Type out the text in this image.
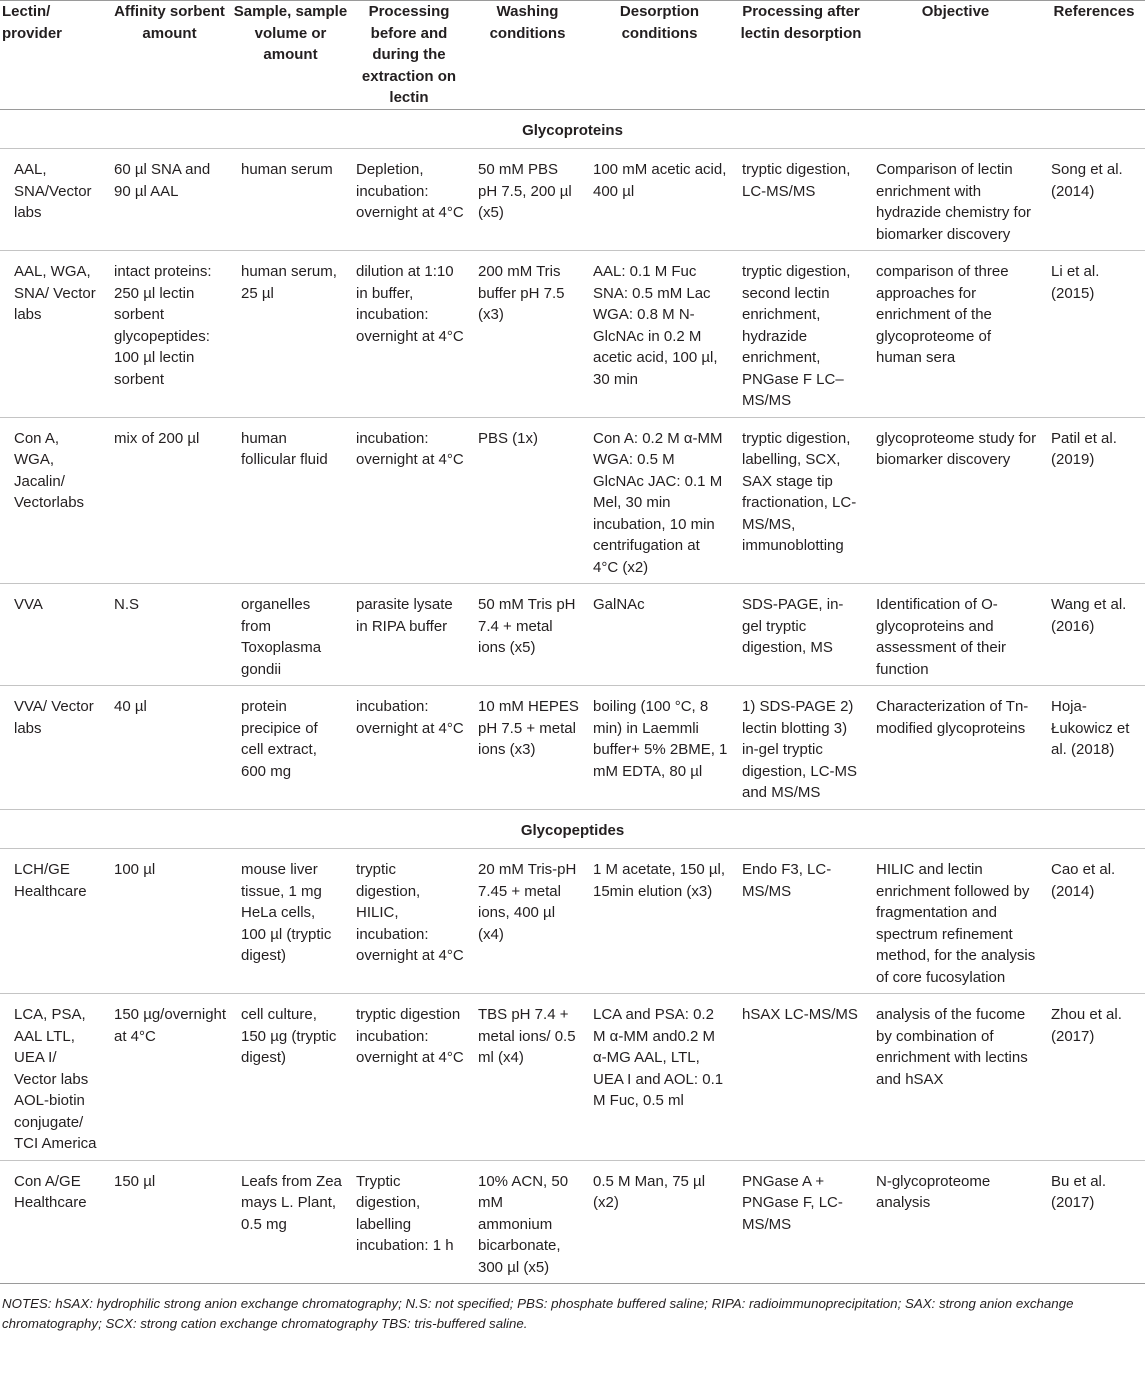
Lectin/ provider	Affinity sorbent amount	Sample, sample volume or amount	Processing before and during the extraction on lectin	Washing conditions	Desorption conditions	Processing after lectin desorption	Objective	References
Glycoproteins								
AAL, SNA/Vector labs	60 µl SNA and 90 µl AAL	human serum	Depletion, incubation: overnight at 4°C	50 mM PBS pH 7.5, 200 µl (x5)	100 mM acetic acid, 400 µl	tryptic digestion, LC-MS/MS	Comparison of lectin enrichment with hydrazide chemistry for biomarker discovery	Song et al. (2014)
AAL, WGA, SNA/ Vector labs	intact proteins: 250 µl lectin sorbent glycopeptides: 100 µl lectin sorbent	human serum, 25 µl	dilution at 1:10 in buffer, incubation: overnight at 4°C	200 mM Tris buffer pH 7.5 (x3)	AAL: 0.1 M Fuc SNA: 0.5 mM Lac WGA: 0.8 M N-GlcNAc in 0.2 M acetic acid, 100 µl, 30 min	tryptic digestion, second lectin enrichment, hydrazide enrichment, PNGase F LC–MS/MS	comparison of three approaches for enrichment of the glycoproteome of human sera	Li et al. (2015)
Con A, WGA, Jacalin/ Vectorlabs	mix of 200 µl	human follicular fluid	incubation: overnight at 4°C	PBS (1x)	Con A: 0.2 M α-MM WGA: 0.5 M GlcNAc JAC: 0.1 M Mel, 30 min incubation, 10 min centrifugation at 4°C (x2)	tryptic digestion, labelling, SCX, SAX stage tip fractionation, LC-MS/MS, immunoblotting	glycoproteome study for biomarker discovery	Patil et al. (2019)
VVA	N.S	organelles from Toxoplasma gondii	parasite lysate in RIPA buffer	50 mM Tris pH 7.4 + metal ions (x5)	GalNAc	SDS-PAGE, in-gel tryptic digestion, MS	Identification of O-glycoproteins and assessment of their function	Wang et al. (2016)
VVA/ Vector labs	40 µl	protein precipice of cell extract, 600 mg	incubation: overnight at 4°C	10 mM HEPES pH 7.5 + metal ions (x3)	boiling (100 °C, 8 min) in Laemmli buffer+ 5% 2BME, 1 mM EDTA, 80 µl	1) SDS-PAGE 2) lectin blotting 3) in-gel tryptic digestion, LC-MS and MS/MS	Characterization of Tn-modified glycoproteins	Hoja-Łukowicz et al. (2018)
Glycopeptides								
LCH/GE Healthcare	100 µl	mouse liver tissue, 1 mg HeLa cells, 100 µl (tryptic digest)	tryptic digestion, HILIC, incubation: overnight at 4°C	20 mM Tris-pH 7.45 + metal ions, 400 µl (x4)	1 M acetate, 150 µl, 15min elution (x3)	Endo F3, LC-MS/MS	HILIC and lectin enrichment followed by fragmentation and spectrum refinement method, for the analysis of core fucosylation	Cao et al. (2014)
LCA, PSA, AAL LTL, UEA I/ Vector labs AOL-biotin conjugate/ TCI America	150 µg/overnight at 4°C	cell culture, 150 µg (tryptic digest)	tryptic digestion incubation: overnight at 4°C	TBS pH 7.4 + metal ions/ 0.5 ml (x4)	LCA and PSA: 0.2 M α-MM and0.2 M α-MG AAL, LTL, UEA I and AOL: 0.1 M Fuc, 0.5 ml	hSAX LC-MS/MS	analysis of the fucome by combination of enrichment with lectins and hSAX	Zhou et al. (2017)
Con A/GE Healthcare	150 µl	Leafs from Zea mays L. Plant, 0.5 mg	Tryptic digestion, labelling incubation: 1 h	10% ACN, 50 mM ammonium bicarbonate, 300 µl (x5)	0.5 M Man, 75 µl (x2)	PNGase A + PNGase F, LC-MS/MS	N-glycoproteome analysis	Bu et al. (2017)
NOTES: hSAX: hydrophilic strong anion exchange chromatography; N.S: not specified; PBS: phosphate buffered saline; RIPA: radioimmunoprecipitation; SAX: strong anion exchange chromatography; SCX: strong cation exchange chromatography TBS: tris-buffered saline.
